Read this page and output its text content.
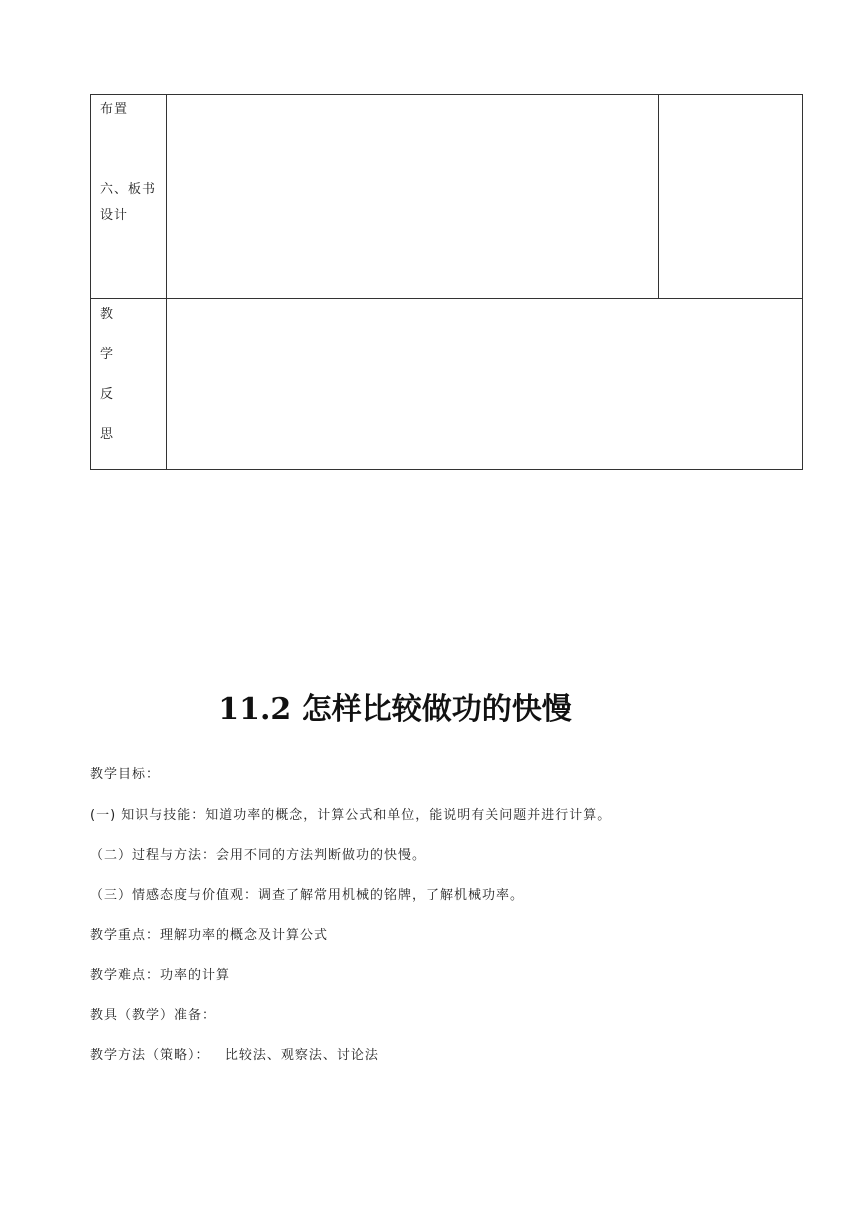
布置
六、板书
设计		

教
学
反
思		

11.2 怎样比较做功的快慢
教学目标：
(一) 知识与技能：知道功率的概念，计算公式和单位，能说明有关问题并进行计算。
（二）过程与方法：会用不同的方法判断做功的快慢。
（三）情感态度与价值观：调查了解常用机械的铭牌，了解机械功率。
教学重点：理解功率的概念及计算公式
教学难点：功率的计算
教具（教学）准备：
教学方法（策略）：   比较法、观察法、讨论法
